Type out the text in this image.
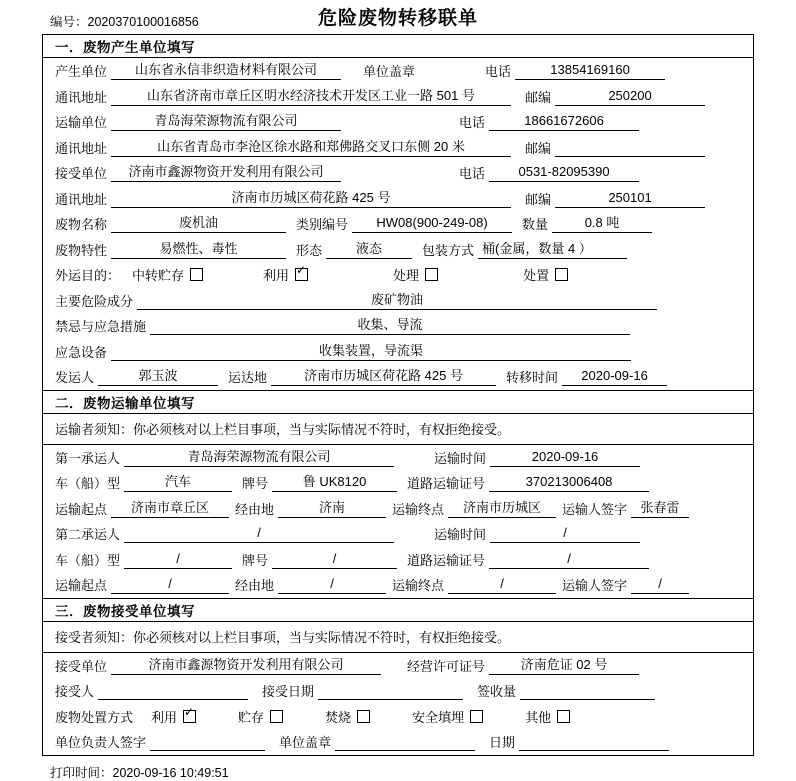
编号：2020370100016856	危险废物转移联单
一．废物产生单位填写

产生单位	山东省永信非织造材料有限公司	单位盖章	电话	13854169160

通讯地址	山东省济南市章丘区明水经济技术开发区工业一路 501 号	邮编	250200

运输单位	青岛海荣源物流有限公司	电话	18661672606

通讯地址	山东省青岛市李沧区徐水路和郑佛路交叉口东侧 20 米	邮编

接受单位	济南市鑫源物资开发利用有限公司	电话	0531-82095390

通讯地址	济南市历城区荷花路 425 号	邮编	250101

废物名称	废机油	类别编号	HW08(900-249-08)	数量	0.8 吨

废物特性	易燃性、毒性	形态	液态	包装方式 桶(金属，数量 4 ）

外运目的： 中转贮存	利用 ✓	处理	处置

主要危险成分	废矿物油

禁忌与应急措施	收集、导流

应急设备	收集装置，导流渠

发运人	郭玉波	运达地	济南市历城区荷花路 425 号	转移时间	2020-09-16

二．废物运输单位填写

运输者须知：你必须核对以上栏目事项，当与实际情况不符时，有权拒绝接受。

第一承运人	青岛海荣源物流有限公司	运输时间	2020-09-16

车（船）型	汽车	牌号	鲁 UK8120	道路运输证号	370213006408

运输起点	济南市章丘区	经由地	济南	运输终点	济南市历城区	运输人签字	张春雷

第二承运人	/	运输时间	/

车（船）型	/	牌号	/	道路运输证号	/

运输起点	/	经由地	/	运输终点	/	运输人签字	/

三．废物接受单位填写

接受者须知：你必须核对以上栏目事项，当与实际情况不符时，有权拒绝接受。

接受单位	济南市鑫源物资开发利用有限公司	经营许可证号	济南危证 02 号

接受人	接受日期	签收量

废物处置方式 利用 ✓	贮存	焚烧	安全填埋	其他

单位负责人签字	单位盖章	日期
打印时间：2020-09-16 10:49:51
